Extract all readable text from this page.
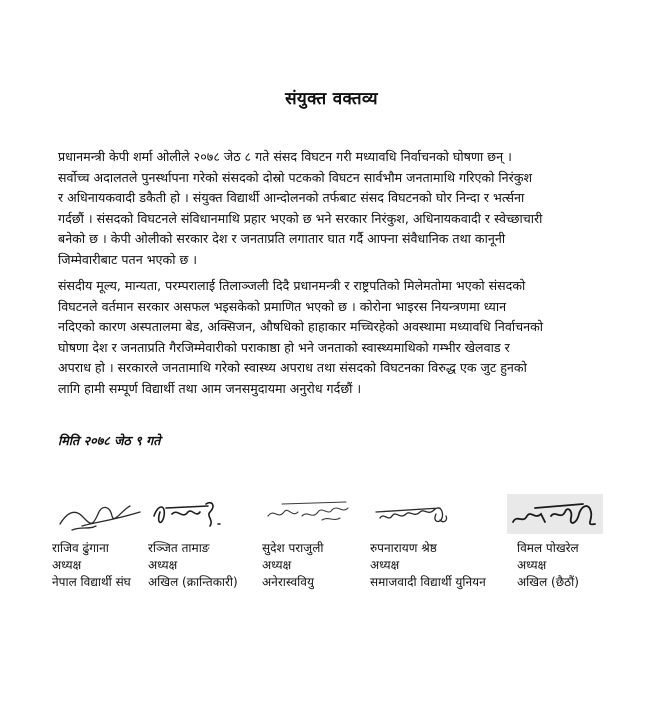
संयुक्त वक्तव्य

प्रधानमन्त्री केपी शर्मा ओलीले २०७८ जेठ ८ गते संसद विघटन गरी मध्यावधि निर्वाचनको घोषणा छन् ।
सर्वोच्च अदालतले पुनर्स्थापना गरेको संसदको दोस्रो पटकको विघटन सार्वभौम जनतामाथि गरिएको निरंकुश
र अधिनायकवादी डकैती हो । संयुक्त विद्यार्थी आन्दोलनको तर्फबाट संसद विघटनको घोर निन्दा र भर्त्सना
गर्दछौं । संसदको विघटनले संविधानमाथि प्रहार भएको छ भने सरकार निरंकुश, अधिनायकवादी र स्वेच्छाचारी
बनेको छ । केपी ओलीको सरकार देश र जनताप्रति लगातार घात गर्दै आफ्ना संवैधानिक तथा कानूनी
जिम्मेवारीबाट पतन भएको छ ।

संसदीय मूल्य, मान्यता, परम्परालाई तिलाञ्जली दिदै प्रधानमन्त्री र राष्ट्रपतिको मिलेमतोमा भएको संसदको
विघटनले वर्तमान सरकार असफल भइसकेको प्रमाणित भएको छ । कोरोना भाइरस नियन्त्रणमा ध्यान
नदिएको कारण अस्पतालमा बेड, अक्सिजन, औषधिको हाहाकार मच्चिरहेको अवस्थामा मध्यावधि निर्वाचनको
घोषणा देश र जनताप्रति गैरजिम्मेवारीको पराकाष्ठा हो भने जनताको स्वास्थ्यमाथिको गम्भीर खेलवाड र
अपराध हो । सरकारले जनतामाथि गरेको स्वास्थ्य अपराध तथा संसदको विघटनका विरुद्ध एक जुट हुनको
लागि हामी सम्पूर्ण विद्यार्थी तथा आम जनसमुदायमा अनुरोध गर्दछौं ।

मिति २०७८ जेठ ९ गते
राजिव ढुंगाना
अध्यक्ष
नेपाल विद्यार्थी संघ
रञ्जित तामाङ
अध्यक्ष
अखिल (क्रान्तिकारी)
सुदेश पराजुली
अध्यक्ष
अनेरास्ववियु
रुपनारायण श्रेष्ठ
अध्यक्ष
समाजवादी विद्यार्थी युनियन
विमल पोखरेल
अध्यक्ष
अखिल (छैठौं)
